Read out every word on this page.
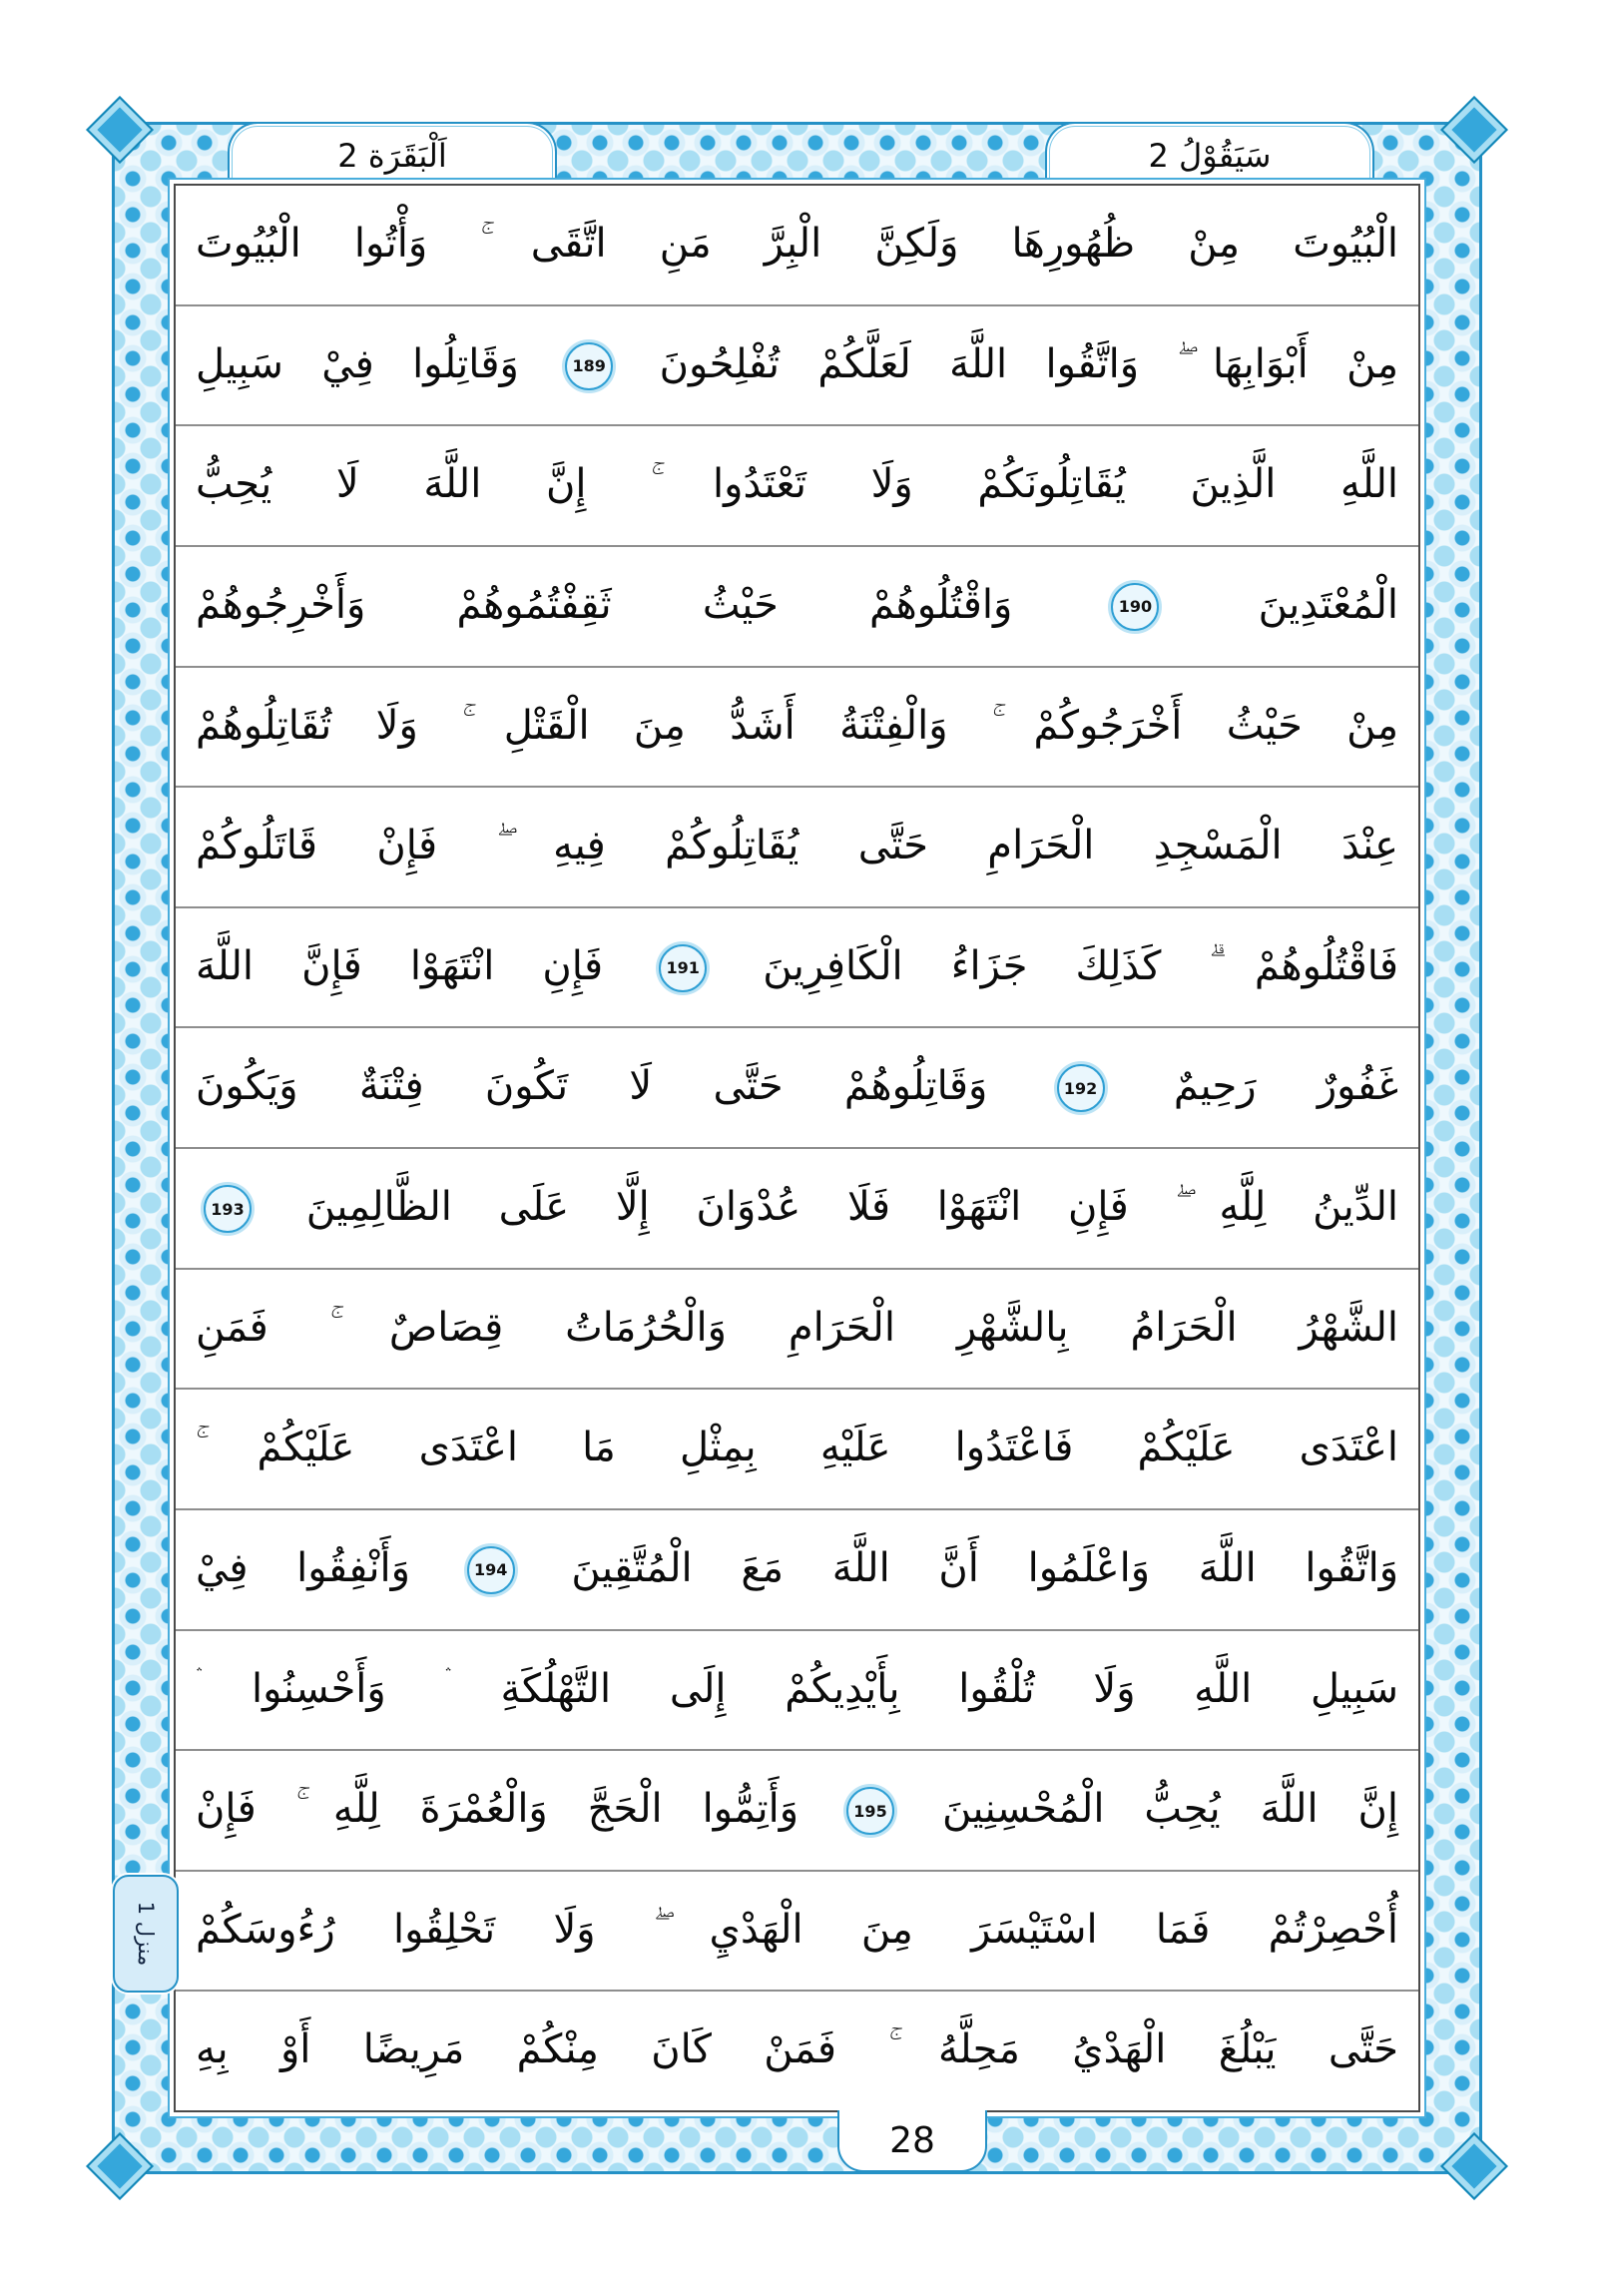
اَلْبَقَرَة 2	سَيَقُوْلُ 2
الْبُيُوتَ مِنْ ظُهُورِهَا وَلَكِنَّ الْبِرَّ مَنِ اتَّقَى ۚ وَأْتُوا الْبُيُوتَ
مِنْ أَبْوَابِهَا ۖ وَاتَّقُوا اللَّهَ لَعَلَّكُمْ تُفْلِحُونَ 189 وَقَاتِلُوا فِيْ سَبِيلِ
اللَّهِ الَّذِينَ يُقَاتِلُونَكُمْ وَلَا تَعْتَدُوا ۚ إِنَّ اللَّهَ لَا يُحِبُّ
الْمُعْتَدِينَ 190 وَاقْتُلُوهُمْ حَيْثُ ثَقِفْتُمُوهُمْ وَأَخْرِجُوهُمْ
مِنْ حَيْثُ أَخْرَجُوكُمْ ۚ وَالْفِتْنَةُ أَشَدُّ مِنَ الْقَتْلِ ۚ وَلَا تُقَاتِلُوهُمْ
عِنْدَ الْمَسْجِدِ الْحَرَامِ حَتَّى يُقَاتِلُوكُمْ فِيهِ ۖ فَإِنْ قَاتَلُوكُمْ
فَاقْتُلُوهُمْ ۗ كَذَلِكَ جَزَاءُ الْكَافِرِينَ 191 فَإِنِ انْتَهَوْا فَإِنَّ اللَّهَ
غَفُورٌ رَحِيمٌ 192 وَقَاتِلُوهُمْ حَتَّى لَا تَكُونَ فِتْنَةٌ وَيَكُونَ
الدِّينُ لِلَّهِ ۖ فَإِنِ انْتَهَوْا فَلَا عُدْوَانَ إِلَّا عَلَى الظَّالِمِينَ 193
الشَّهْرُ الْحَرَامُ بِالشَّهْرِ الْحَرَامِ وَالْحُرُمَاتُ قِصَاصٌ ۚ فَمَنِ
اعْتَدَى عَلَيْكُمْ فَاعْتَدُوا عَلَيْهِ بِمِثْلِ مَا اعْتَدَى عَلَيْكُمْ ۚ
وَاتَّقُوا اللَّهَ وَاعْلَمُوا أَنَّ اللَّهَ مَعَ الْمُتَّقِينَ 194 وَأَنْفِقُوا فِيْ
سَبِيلِ اللَّهِ وَلَا تُلْقُوا بِأَيْدِيكُمْ إِلَى التَّهْلُكَةِ ۛ وَأَحْسِنُوا ۛ
إِنَّ اللَّهَ يُحِبُّ الْمُحْسِنِينَ 195 وَأَتِمُّوا الْحَجَّ وَالْعُمْرَةَ لِلَّهِ ۚ فَإِنْ
أُحْصِرْتُمْ فَمَا اسْتَيْسَرَ مِنَ الْهَدْيِ ۖ وَلَا تَحْلِقُوا رُءُوسَكُمْ
حَتَّى يَبْلُغَ الْهَدْيُ مَحِلَّهُ ۚ فَمَنْ كَانَ مِنْكُمْ مَرِيضًا أَوْ بِهِ
منزل 1
28
